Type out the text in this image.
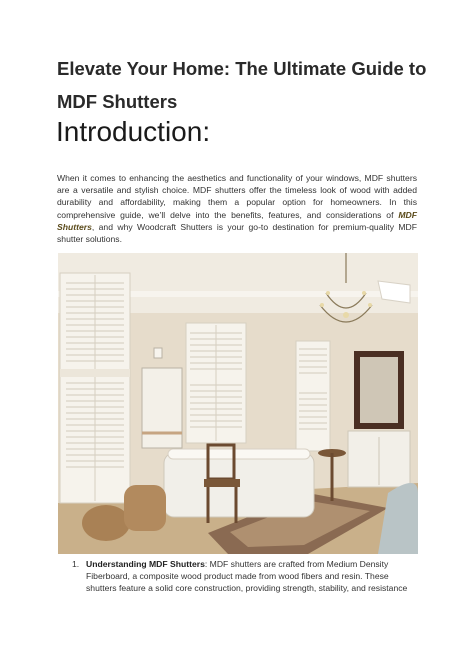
Elevate Your Home: The Ultimate Guide to MDF Shutters
Introduction:

When it comes to enhancing the aesthetics and functionality of your windows, MDF shutters are a versatile and stylish choice. MDF shutters offer the timeless look of wood with added durability and affordability, making them a popular option for homeowners. In this comprehensive guide, we’ll delve into the benefits, features, and considerations of MDF Shutters, and why Woodcraft Shutters is your go-to destination for premium-quality MDF shutter solutions.

1. Understanding MDF Shutters: MDF shutters are crafted from Medium Density Fiberboard, a composite wood product made from wood fibers and resin. These shutters feature a solid core construction, providing strength, stability, and resistance
